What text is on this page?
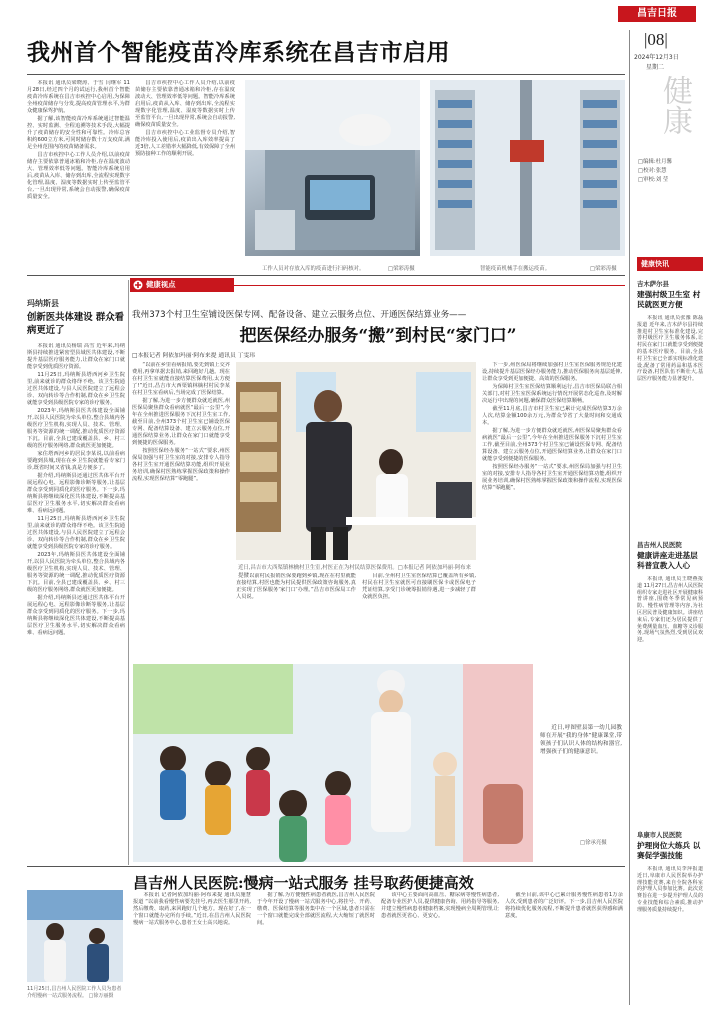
昌吉日报
|08|
2024年12月3日
星期二
健康
□编辑:杜月馨
□校对:张慧
□审校:刘 莹
我州首个智能疫苗冷库系统在昌吉市启用

本报讯 通讯员梁晓涛、于雪 闫继军 11月28日,经过四个月的试运行,我州首个智能疫苗冷库系统在昌吉市疾控中心启用,为保障全州疫苗储存与分发,提高疫苗管理水平,为群众健康保驾护航。

据了解,该智能疫苗冷库系统通过智能温控、实时监测、全程追溯等技术手段,大幅提升了疫苗储存的安全性和可靠性。冷库总容积约600立方米,可同时储存数十万支疫苗,满足全州范围内的疫苗储备需求。

昌吉市疾控中心工作人员介绍,以前疫苗储存主要依靠普通冰箱和冷柜,存在温度波动大、管理效率低等问题。智能冷库系统启用后,疫苗从入库、储存到出库,全流程实现数字化管理,温度、湿度等数据实时上传至监管平台,一旦出现异常,系统会自动报警,确保疫苗质量安全。

昌吉市疾控中心工作人员介绍,以前疫苗储存主要依靠普通冰箱和冷柜,存在温度波动大、管理效率低等问题。智能冷库系统启用后,疫苗从入库、储存到出库,全流程实现数字化管理,温度、湿度等数据实时上传至监管平台,一旦出现异常,系统会自动报警,确保疫苗质量安全。

昌吉市疾控中心工业监督专员介绍,智能冷库投入使用后,疫苗出入库效率提高了近3倍,人工差错率大幅降低,有效保障了全州预防接种工作的顺利开展。

工作人员对存放入库的疫苗进行扫码核对。	□梁彩涛摄	智能疫苗机械手在搬运疫苗。	□梁彩涛摄
玛纳斯县
创新医共体建设 群众看病更近了

本报讯 通讯员杨瑞 高雪 近年来,玛纳斯县持续推进紧密型县域医共体建设,不断提升基层医疗服务能力,让群众在家门口就能享受到优质医疗资源。

11月25日,玛纳斯县塔西河乡卫生院里,前来就诊的群众络绎不绝。该卫生院通过医共体建设,与县人民医院建立了远程会诊、双向转诊等合作机制,群众在乡卫生院就能享受到县级医院专家的诊疗服务。

2023年,玛纳斯县医共体建设全面铺开,以县人民医院为牵头单位,整合县域内各级医疗卫生机构,实现人员、技术、管理、服务等资源的统一调配,推动优质医疗资源下沉。目前,全县已建成覆盖县、乡、村三级的医疗服务网络,群众就医更加便捷。

家住塔西河乡的居民李某说,以前看病要跑到县城,现在在乡卫生院就能看专家门诊,既省时间又省钱,真是方便多了。

据介绍,玛纳斯县还通过医共体平台开展远程心电、远程影像诊断等服务,让基层群众享受到同质化的医疗服务。下一步,玛纳斯县将继续深化医共体建设,不断提高基层医疗卫生服务水平,切实解决群众看病难、看病远问题。

11月25日,玛纳斯县塔西河乡卫生院里,前来就诊的群众络绎不绝。该卫生院通过医共体建设,与县人民医院建立了远程会诊、双向转诊等合作机制,群众在乡卫生院就能享受到县级医院专家的诊疗服务。

2023年,玛纳斯县医共体建设全面铺开,以县人民医院为牵头单位,整合县域内各级医疗卫生机构,实现人员、技术、管理、服务等资源的统一调配,推动优质医疗资源下沉。目前,全县已建成覆盖县、乡、村三级的医疗服务网络,群众就医更加便捷。

据介绍,玛纳斯县还通过医共体平台开展远程心电、远程影像诊断等服务,让基层群众享受到同质化的医疗服务。下一步,玛纳斯县将继续深化医共体建设,不断提高基层医疗卫生服务水平,切实解决群众看病难、看病远问题。

健康视点
我州373个村卫生室铺设医保专网、配备设备、建立云服务点位、开通医保结算业务——
把医保经办服务“搬”到村民“家门口”
□本报记者 阿依加玛丽·阿布来提 通讯员 丁雯玮

“以前在乡里看病报销,要先到镇上交齐费用,再拿单据去报销,来回跑好几趟。现在在村卫生室就能直接结算医保费用,太方便了!”近日,昌吉市大西渠镇林檎村村民李某在村卫生室看病后,当场完成了医保结算。

据了解,为进一步方便群众就近就医,州医保局聚焦群众看病就医“最后一公里”,今年在全州推进医保服务下沉村卫生室工作,截至目前,全州373个村卫生室已铺设医保专网、配备结算设备、建立云服务点位,开通医保结算业务,让群众在家门口就能享受到便捷的医保服务。

按照医保经办服务“一站式”要求,州医保局加强与村卫生室的对接,安排专人指导各村卫生室开通医保结算功能,组织开展业务培训,确保村医熟练掌握医保政策和操作流程,实现医保结算“零跑腿”。

近日,昌吉市大西渠镇林檎村卫生室,村医正在为村民结算医保费用。□本报记者 阿依加玛丽·阿布来提摄

“以前村民报销医保要跑到乡镇,现在在村里就能直接结算,村医也能为村民提供医保政策咨询服务,真正实现了医保服务‘家门口’办理。”昌吉市医保局工作人员说。

目前,全州村卫生室医保结算已覆盖所有乡镇,村民在村卫生室就医可直接刷医保卡或医保电子凭证结算,享受门诊统筹报销待遇,进一步减轻了群众就医负担。

下一步,州医保局将继续加强村卫生室医保服务规范化建设,持续提升基层医保经办服务能力,推动医保服务向基层延伸,让群众享受到更加便捷、高效的医保服务。

为保障村卫生室医保结算顺利运行,昌吉市医保局联合相关部门,对村卫生室医保系统运行情况开展常态化巡查,及时解决运行中出现的问题,确保群众医保结算顺畅。

截至11月底,昌吉市村卫生室已累计完成医保结算3万余人次,结算金额100余万元,为群众节省了大量时间和交通成本。

据了解,为进一步方便群众就近就医,州医保局聚焦群众看病就医“最后一公里”,今年在全州推进医保服务下沉村卫生室工作,截至目前,全州373个村卫生室已铺设医保专网、配备结算设备、建立云服务点位,开通医保结算业务,让群众在家门口就能享受到便捷的医保服务。

按照医保经办服务“一站式”要求,州医保局加强与村卫生室的对接,安排专人指导各村卫生室开通医保结算功能,组织开展业务培训,确保村医熟练掌握医保政策和操作流程,实现医保结算“零跑腿”。

近日,呼图壁县第一幼儿园教师在开展“我的身体”健康课堂,带领孩子们认识人体的结构和器官,增强孩子们的健康意识。

□徐承亮摄
昌吉州人民医院:慢病一站式服务 挂号取药便捷高效
11月25日,昌吉州人民医院工作人员为患者介绍慢病一站式服务流程。 □徐万丽摄

本报讯 记者阿依加玛丽·阿布来提 通讯员施慧报道 “以前我看慢性病要先挂号,再去医生那里开药,然后缴费、取药,来回跑好几个地方。现在好了,在一个窗口就能办完所有手续。”近日,在昌吉州人民医院慢病一站式服务中心,患者王女士高兴地说。

据了解,为方便慢性病患者就医,昌吉州人民医院于今年开设了慢病一站式服务中心,将挂号、开药、缴费、医保结算等服务集中在一个区域,患者只需在一个窗口就能完成全部就医流程,大大缩短了就医时间。

该中心主要面向高血压、糖尿病等慢性病患者,配备专业医护人员,提供健康咨询、用药指导等服务,并建立慢性病患者健康档案,实现慢病全周期管理,让患者就医更省心、更安心。

截至目前,该中心已累计服务慢性病患者1万余人次,受到患者的广泛好评。下一步,昌吉州人民医院将持续优化服务流程,不断提升患者就医获得感和满意度。

健康快讯
吉木萨尔县
建强村级卫生室 村民就医更方便

本报讯 通讯员张豫 陈磊报道 近年来,吉木萨尔县持续推进村卫生室标准化建设,完善村级医疗卫生服务体系,让村民在家门口就能享受到便捷的基本医疗服务。目前,全县村卫生室已全部实现标准化建设,配备了常用药品和基本医疗设备,村医队伍不断壮大,基层医疗服务能力显著提升。

昌吉州人民医院
健康讲座走进基层 科普宣教入人心

本报讯 通讯员王晓燕报道 11月27日,昌吉州人民医院组织专家走进社区开展健康科普讲座,围绕冬季常见病预防、慢性病管理等内容,为社区居民普及健康知识。讲座结束后,专家们还为居民提供了免费测量血压、血糖等义诊服务,现场气氛热烈,受到居民欢迎。

阜康市人民医院
护理岗位大练兵 以赛促学强技能

本报讯 通讯员李萍报道 近日,阜康市人民医院举办护理技能竞赛,来自全院各科室的护理人员参加比赛。此次竞赛旨在进一步提升护理人员的专业技能和综合素质,推动护理服务质量持续提升。
